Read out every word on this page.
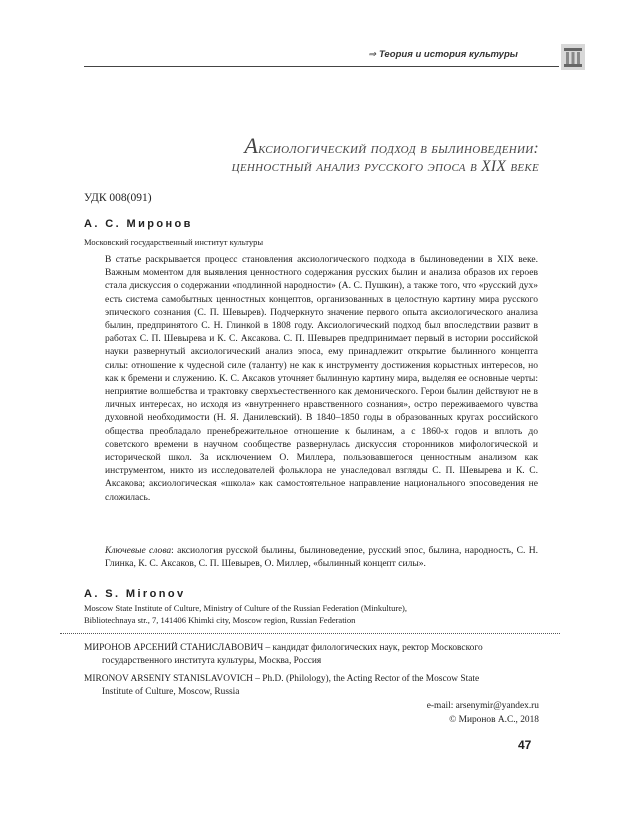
⇒ Теория и история культуры
Аксиологический подход в былиноведении:
ценностный анализ русского эпоса в XIX веке
УДК 008(091)
А. С. Миронов
Московский государственный институт культуры
В статье раскрывается процесс становления аксиологического подхода в былиноведении в XIX веке. Важным моментом для выявления ценностного содержания русских былин и анализа образов их героев стала дискуссия о содержании «подлинной народности» (А. С. Пушкин), а также того, что «русский дух» есть система самобытных ценностных концептов, организованных в целостную картину мира русского эпического сознания (С. П. Шевырев). Подчеркнуто значение первого опыта аксиологического анализа былин, предпринятого С. Н. Глинкой в 1808 году. Аксиологический подход был впоследствии развит в работах С. П. Шевырева и К. С. Аксакова. С. П. Шевырев предпринимает первый в истории российской науки развернутый аксиологический анализ эпоса, ему принадлежит открытие былинного концепта силы: отношение к чудесной силе (таланту) не как к инструменту достижения корыстных интересов, но как к бремени и служению. К. С. Аксаков уточняет былинную картину мира, выделяя ее основные черты: неприятие волшебства и трактовку сверхъестественного как демонического. Герои былин действуют не в личных интересах, но исходя из «внутреннего нравственного сознания», остро переживаемого чувства духовной необходимости (Н. Я. Данилевский). В 1840–1850 годы в образованных кругах российского общества преобладало пренебрежительное отношение к былинам, а с 1860-х годов и вплоть до советского времени в научном сообществе развернулась дискуссия сторонников мифологической и исторической школ. За исключением О. Миллера, пользовавшегося ценностным анализом как инструментом, никто из исследователей фольклора не унаследовал взгляды С. П. Шевырева и К. С. Аксакова; аксиологическая «школа» как самостоятельное направление национального эпосоведения не сложилась.
Ключевые слова: аксиология русской былины, былиноведение, русский эпос, былина, народность, С. Н. Глинка, К. С. Аксаков, С. П. Шевырев, О. Миллер, «былинный концепт силы».
A. S. Mironov
Moscow State Institute of Culture, Ministry of Culture of the Russian Federation (Minkulture),
Bibliotechnaya str., 7, 141406 Khimki city, Moscow region, Russian Federation
МИРОНОВ АРСЕНИЙ СТАНИСЛАВОВИЧ – кандидат филологических наук, ректор Московского
государственного института культуры, Москва, Россия
MIRONOV ARSENIY STANISLAVOVICH – Ph.D. (Philology), the Acting Rector of the Moscow State
Institute of Culture, Moscow, Russia
e-mail: arsenymir@yandex.ru
© Миронов А.С., 2018
47
